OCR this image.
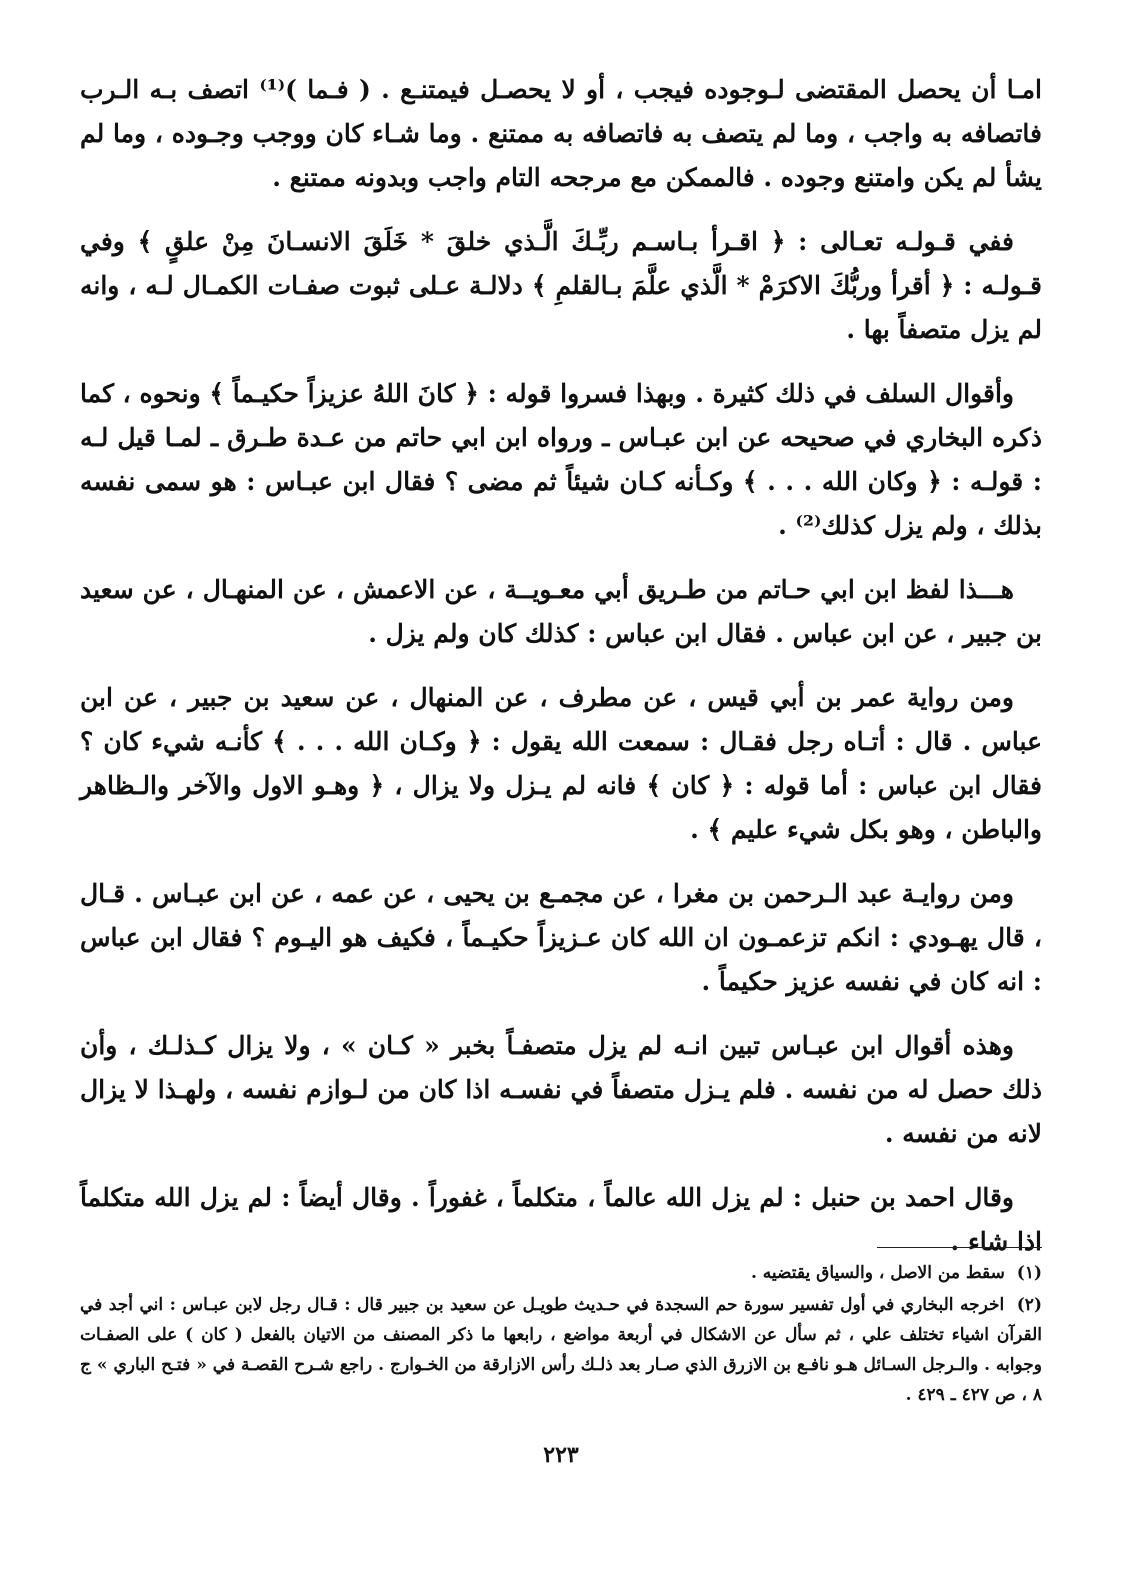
امـا أن يحصل المقتضى لـوجوده فيجب ، أو لا يحصـل فيمتنـع . ( فـما )⁽¹⁾ اتصف بـه الـرب فاتصافه به واجب ، وما لم يتصف به فاتصافه به ممتنع . وما شـاء كان ووجب وجـوده ، وما لم يشأ لم يكن وامتنع وجوده . فالممكن مع مرجحه التام واجب وبدونه ممتنع .

ففي قـولـه تعـالى : ﴿ اقـرأ بـاسـم ربِّـكَ الَّـذي خلقَ * خَلَقَ الانسـانَ مِنْ علقٍ ﴾ وفي قـولـه : ﴿ أقرأ وربُّكَ الاكرَمْ * الَّذي علَّمَ بـالقلمِ ﴾ دلالـة عـلى ثبوت صفـات الكمـال لـه ، وانه لم يزل متصفاً بها .

وأقوال السلف في ذلك كثيرة . وبهذا فسروا قوله : ﴿ كانَ اللهُ عزيزاً حكيـماً ﴾ ونحوه ، كما ذكره البخاري في صحيحه عن ابن عبـاس ـ ورواه ابن ابي حاتم من عـدة طـرق ـ لمـا قيل لـه : قولـه : ﴿ وكان الله . . . ﴾ وكـأنه كـان شيئاً ثم مضى ؟ فقال ابن عبـاس : هو سمى نفسه بذلك ، ولم يزل كذلك⁽²⁾ .

هـــذا لفظ ابن ابي حـاتم من طـريق أبي معـويــة ، عن الاعمش ، عن المنهـال ، عن سعيد بن جبير ، عن ابن عباس . فقال ابن عباس : كذلك كان ولم يزل .

ومن رواية عمر بن أبي قيس ، عن مطرف ، عن المنهال ، عن سعيد بن جبير ، عن ابن عباس . قال : أتـاه رجل فقـال : سمعت الله يقول : ﴿ وكـان الله . . . ﴾ كأنـه شيء كان ؟ فقال ابن عباس : أما قوله : ﴿ كان ﴾ فانه لم يـزل ولا يزال ، ﴿ وهـو الاول والآخر والـظاهر والباطن ، وهو بكل شيء عليم ﴾ .

ومن روايـة عبد الـرحمن بن مغرا ، عن مجمـع بن يحيى ، عن عمه ، عن ابن عبـاس . قـال ، قال يهـودي : انكم تزعمـون ان الله كان عـزيزاً حكيـماً ، فكيف هو اليـوم ؟ فقال ابن عباس : انه كان في نفسه عزيز حكيماً .

وهذه أقوال ابن عبـاس تبين انـه لم يزل متصفـاً بخبر « كـان » ، ولا يزال كـذلـك ، وأن ذلك حصل له من نفسه . فلم يـزل متصفاً في نفسـه اذا كان من لـوازم نفسه ، ولهـذا لا يزال لانه من نفسه .

وقال احمد بن حنبل : لم يزل الله عالماً ، متكلماً ، غفوراً . وقال أيضاً : لم يزل الله متكلماً اذا شاء .

(١) سقط من الاصل ، والسياق يقتضيه .

(٢) اخرجه البخاري في أول تفسير سورة حم السجدة في حـديث طويـل عن سعيد بن جبير قال : قـال رجل لابن عبـاس : اني أجد في القرآن اشياء تختلف علي ، ثم سأل عن الاشكال في أربعة مواضع ، رابعها ما ذكر المصنف من الاتيان بالفعل ( كان ) على الصفـات وجوابه . والـرجل السـائل هـو نافـع بن الازرق الذي صـار بعد ذلـك رأس الازارقة من الخـوارج . راجع شـرح القصـة في « فتـح الباري » ج ٨ ، ص ٤٢٧ ـ ٤٢٩ .

٢٢٣
